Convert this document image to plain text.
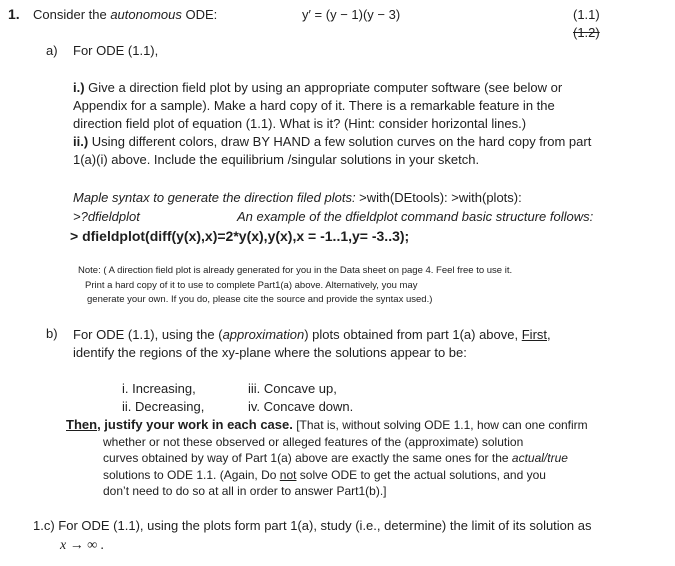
1. Consider the autonomous ODE:	y′ = (y − 1)(y − 3)	(1.1)
(1.2)
a) For ODE (1.1),
i.) Give a direction field plot by using an appropriate computer software (see below or
Appendix for a sample). Make a hard copy of it. There is a remarkable feature in the
direction field plot of equation (1.1). What is it? (Hint: consider horizontal lines.)
ii.) Using different colors, draw BY HAND a few solution curves on the hard copy from part
1(a)(i) above. Include the equilibrium /singular solutions in your sketch.
Maple syntax to generate the direction filed plots: >with(DEtools): >with(plots):
>?dfieldplot	An example of the dfieldplot command basic structure follows:
> dfieldplot(diff(y(x),x)=2*y(x),y(x),x = -1..1,y= -3..3);
Note: ( A direction field plot is already generated for you in the Data sheet on page 4. Feel free to use it.
Print a hard copy of it to use to complete Part1(a) above. Alternatively, you may
generate your own. If you do, please cite the source and provide the syntax used.)
b) For ODE (1.1), using the (approximation) plots obtained from part 1(a) above, First,
identify the regions of the xy-plane where the solutions appear to be:
i. Increasing,
ii. Decreasing,
iii. Concave up,
iv. Concave down.
Then, justify your work in each case. [That is, without solving ODE 1.1, how can one confirm
whether or not these observed or alleged features of the (approximate) solution
curves obtained by way of Part 1(a) above are exactly the same ones for the actual/true
solutions to ODE 1.1. (Again, Do not solve ODE to get the actual solutions, and you
don’t need to do so at all in order to answer Part1(b).]
1.c) For ODE (1.1), using the plots form part 1(a), study (i.e., determine) the limit of its solution as
x → ∞ .
